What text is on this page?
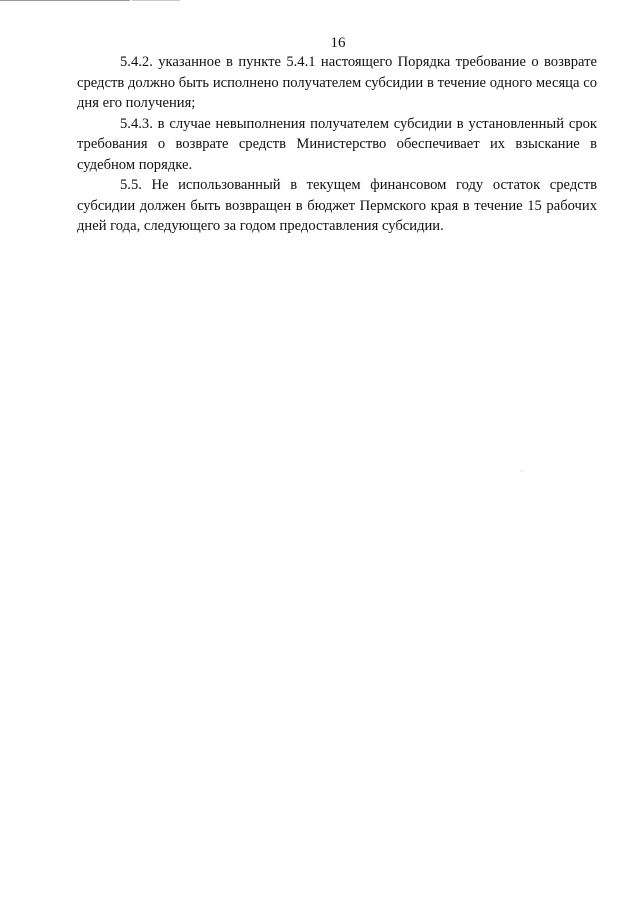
16

5.4.2. указанное в пункте 5.4.1 настоящего Порядка требование о возврате средств должно быть исполнено получателем субсидии в течение одного месяца со дня его получения;

5.4.3. в случае невыполнения получателем субсидии в установленный срок требования о возврате средств Министерство обеспечивает их взыскание в судебном порядке.

5.5. Не использованный в текущем финансовом году остаток средств субсидии должен быть возвращен в бюджет Пермского края в течение 15 рабочих дней года, следующего за годом предоставления субсидии.
